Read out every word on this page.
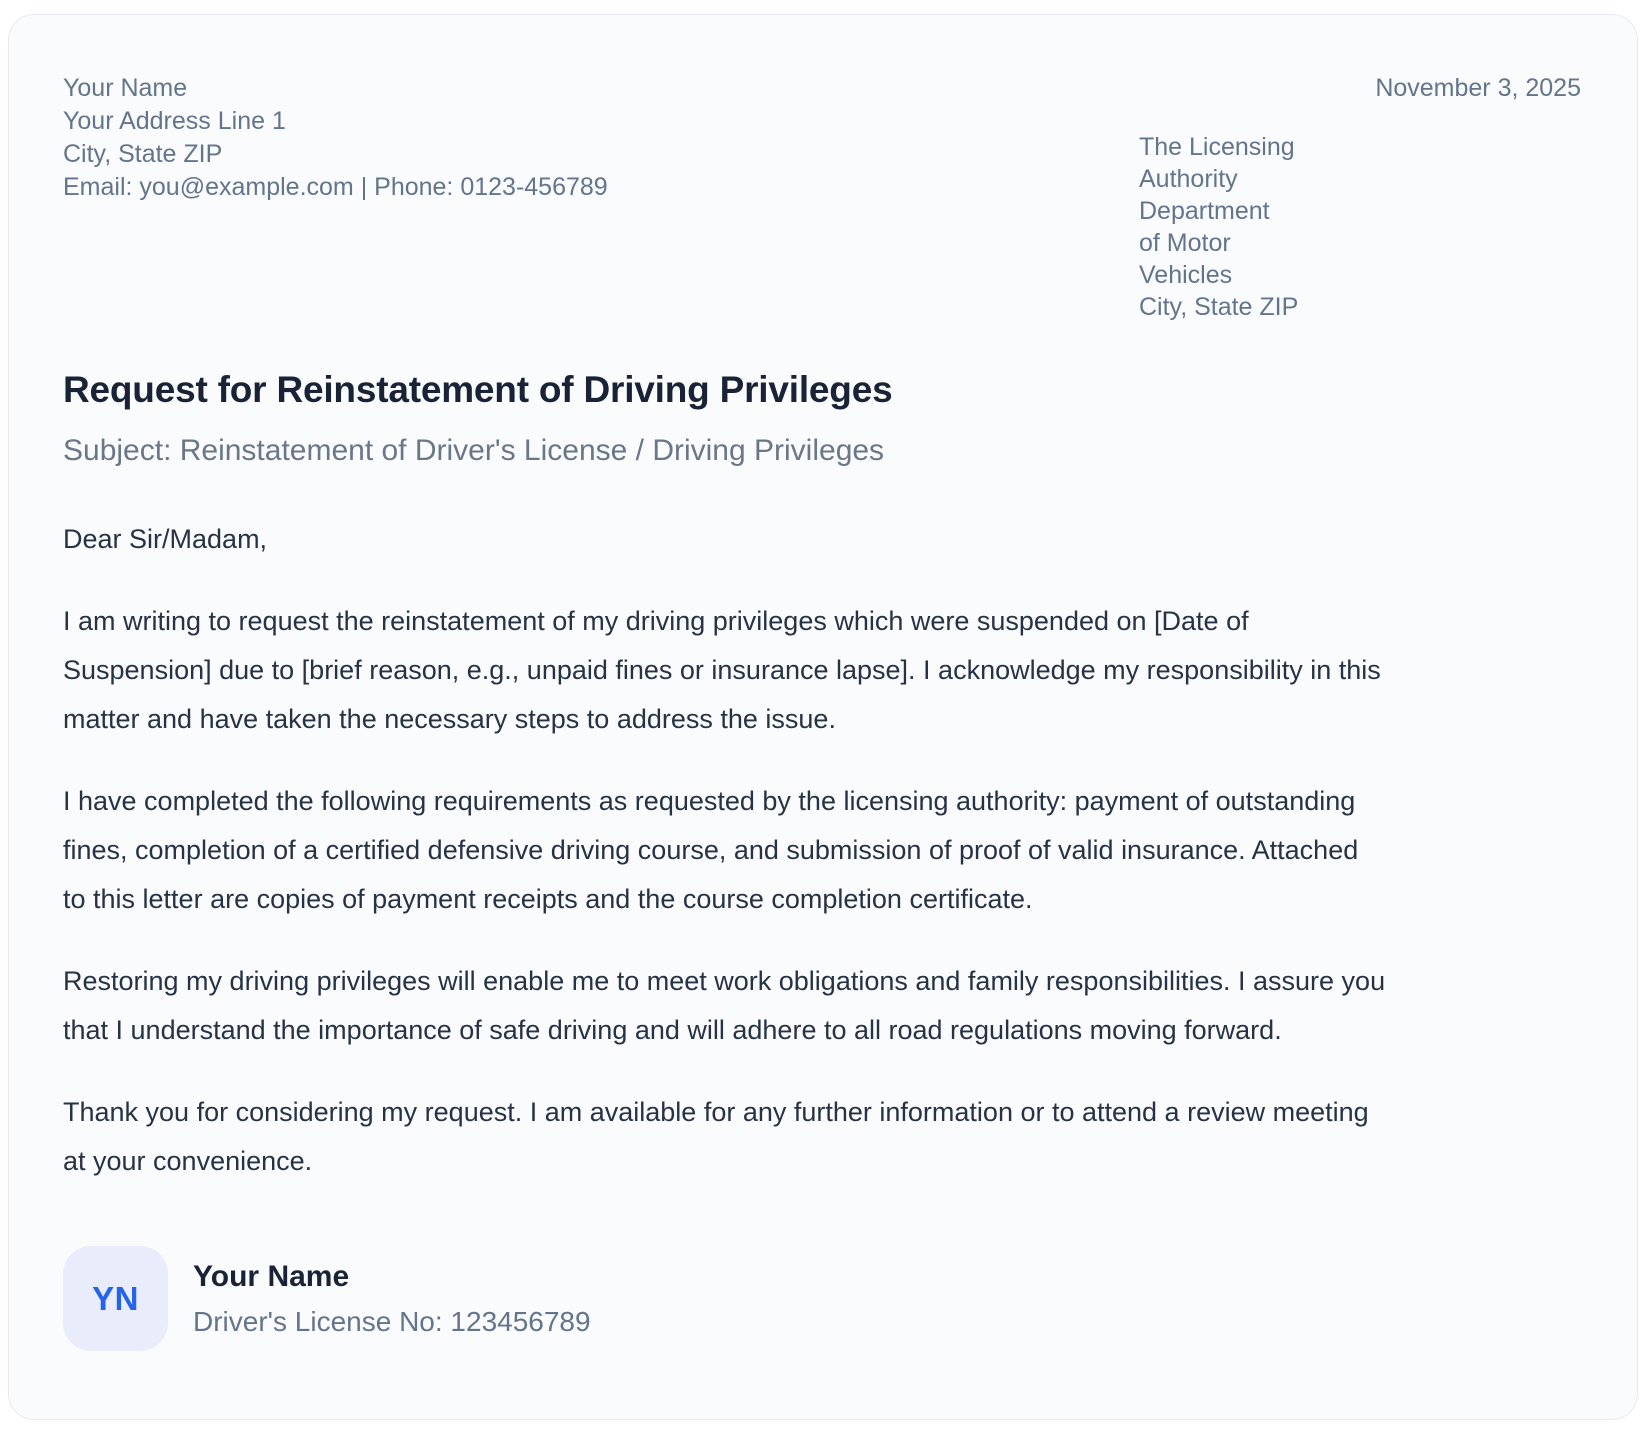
Your Name
Your Address Line 1
City, State ZIP
Email: you@example.com | Phone: 0123-456789
November 3, 2025
The Licensing
Authority
Department
of Motor
Vehicles
City, State ZIP
Request for Reinstatement of Driving Privileges
Subject: Reinstatement of Driver's License / Driving Privileges
Dear Sir/Madam,
I am writing to request the reinstatement of my driving privileges which were suspended on [Date of
Suspension] due to [brief reason, e.g., unpaid fines or insurance lapse]. I acknowledge my responsibility in this
matter and have taken the necessary steps to address the issue.
I have completed the following requirements as requested by the licensing authority: payment of outstanding
fines, completion of a certified defensive driving course, and submission of proof of valid insurance. Attached
to this letter are copies of payment receipts and the course completion certificate.
Restoring my driving privileges will enable me to meet work obligations and family responsibilities. I assure you
that I understand the importance of safe driving and will adhere to all road regulations moving forward.
Thank you for considering my request. I am available for any further information or to attend a review meeting
at your convenience.
YN
Your Name
Driver's License No: 123456789
